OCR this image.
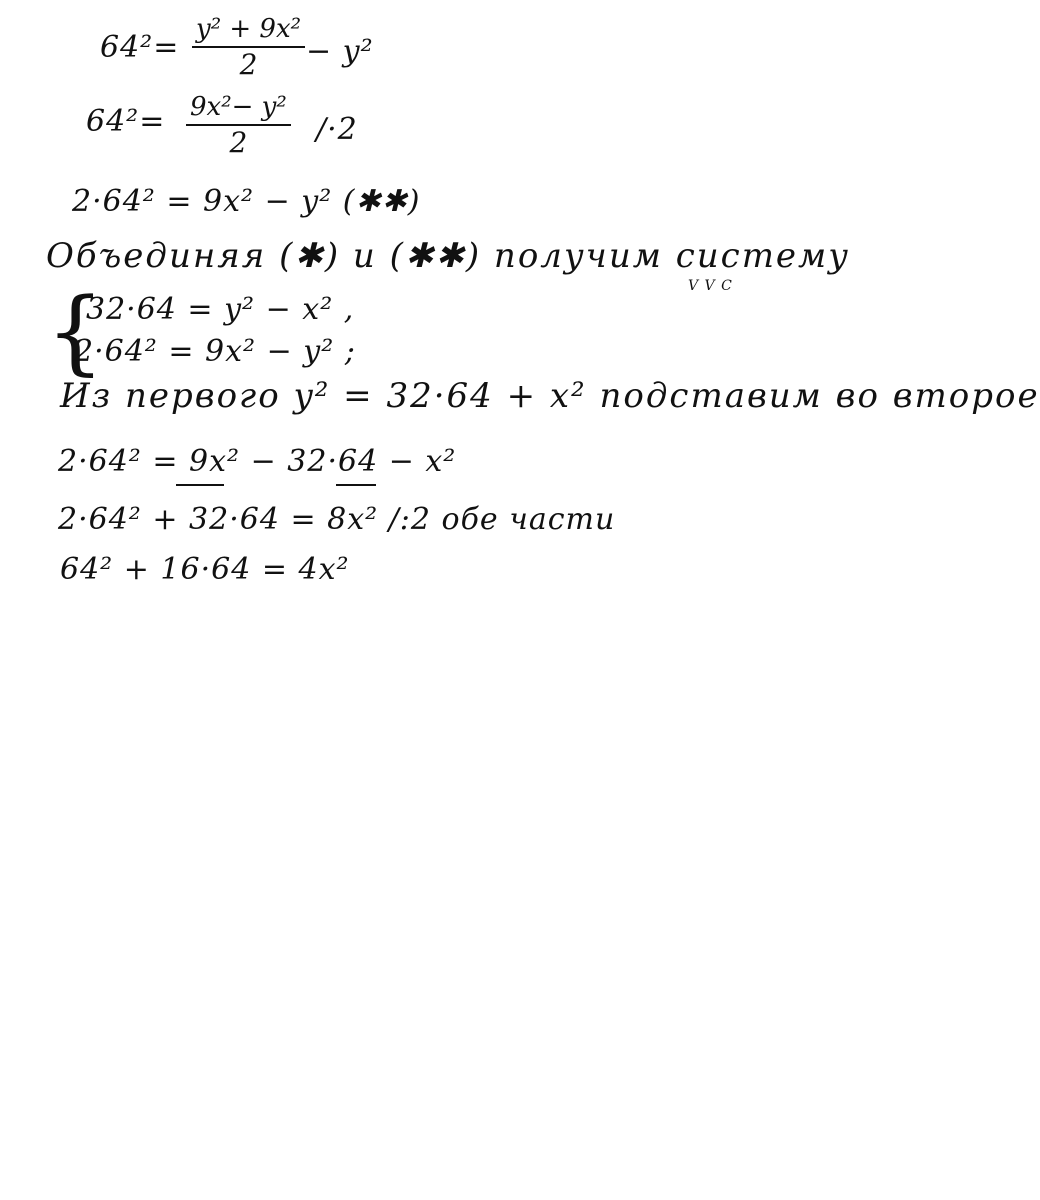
64²=
y² + 9x²
2 − y²
64²= 9x²− y²
2 /·2
2·64² = 9x² − y² (✱✱)
Объединяя (✱) и (✱✱) получим систему
V V C
{
32·64 = y² − x² ,
2·64² = 9x² − y² ;
Из первого y² = 32·64 + x² подставим во второе
2·64² = 9x² − 32·64 − x²
2·64² + 32·64 = 8x² /:2 обе части
64² + 16·64 = 4x²
